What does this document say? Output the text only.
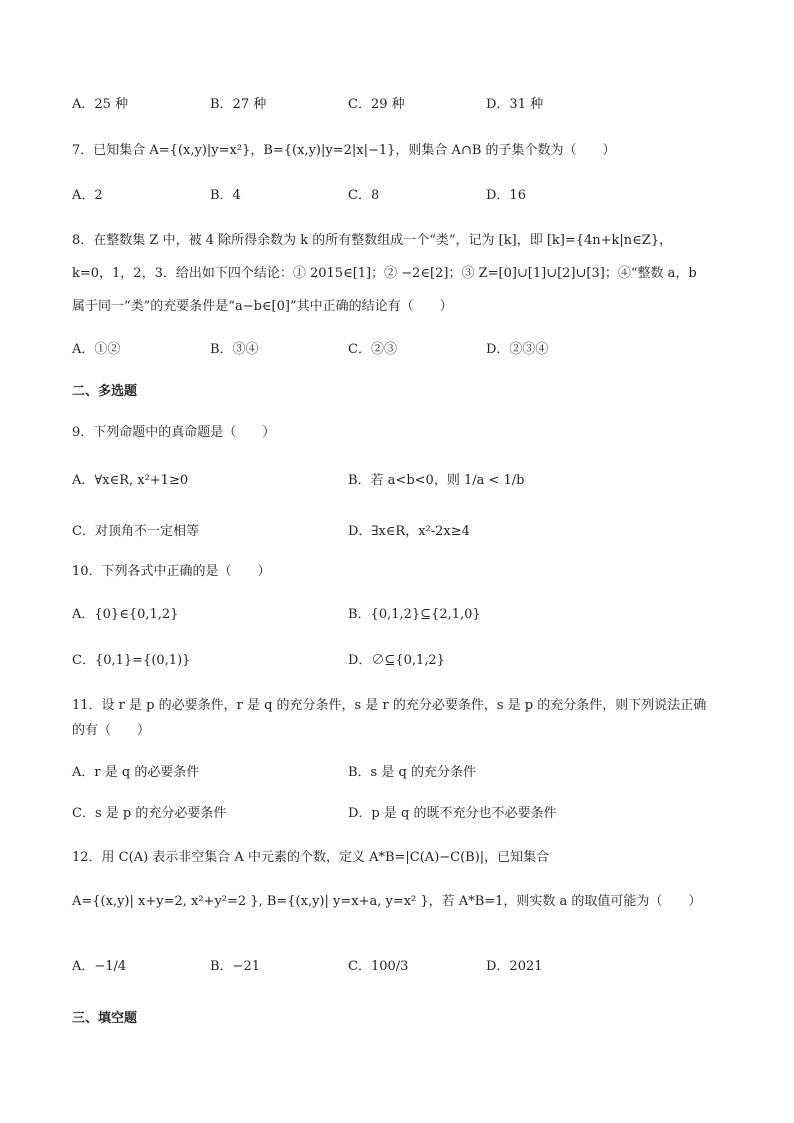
A．25 种	B．27 种	C．29 种	D．31 种
7．已知集合 A={(x,y)|y=x²}，B={(x,y)|y=2|x|−1}，则集合 A∩B 的子集个数为（　　）
A．2	B．4	C．8	D．16
8．在整数集 Z 中，被 4 除所得余数为 k 的所有整数组成一个“类”，记为 [k]，即 [k]={4n+k|n∈Z}，
k=0，1，2，3．给出如下四个结论：① 2015∈[1]；② −2∈[2]；③ Z=[0]∪[1]∪[2]∪[3]；④“整数 a，b
属于同一“类”的充要条件是“a−b∈[0]”其中正确的结论有（　　）
A．①②	B．③④	C．②③	D．②③④
二、多选题
9．下列命题中的真命题是（　　）
A．∀x∈R, x²+1≥0	B．若 a<b<0，则 1/a < 1/b
C．对顶角不一定相等	D．∃x∈R，x²-2x≥4
10．下列各式中正确的是（　　）
A．{0}∈{0,1,2}	B．{0,1,2}⊆{2,1,0}
C．{0,1}={(0,1)}	D．∅⊆{0,1,2}
11．设 r 是 p 的必要条件，r 是 q 的充分条件，s 是 r 的充分必要条件，s 是 p 的充分条件，则下列说法正确
的有（　　）
A．r 是 q 的必要条件	B．s 是 q 的充分条件
C．s 是 p 的充分必要条件	D．p 是 q 的既不充分也不必要条件
12．用 C(A) 表示非空集合 A 中元素的个数，定义 A*B=|C(A)−C(B)|，已知集合
A={(x,y)| x+y=2, x²+y²=2 }, B={(x,y)| y=x+a, y=x² }，若 A*B=1，则实数 a 的取值可能为（　　）
A．−1/4	B．−21	C．100/3	D．2021
三、填空题
